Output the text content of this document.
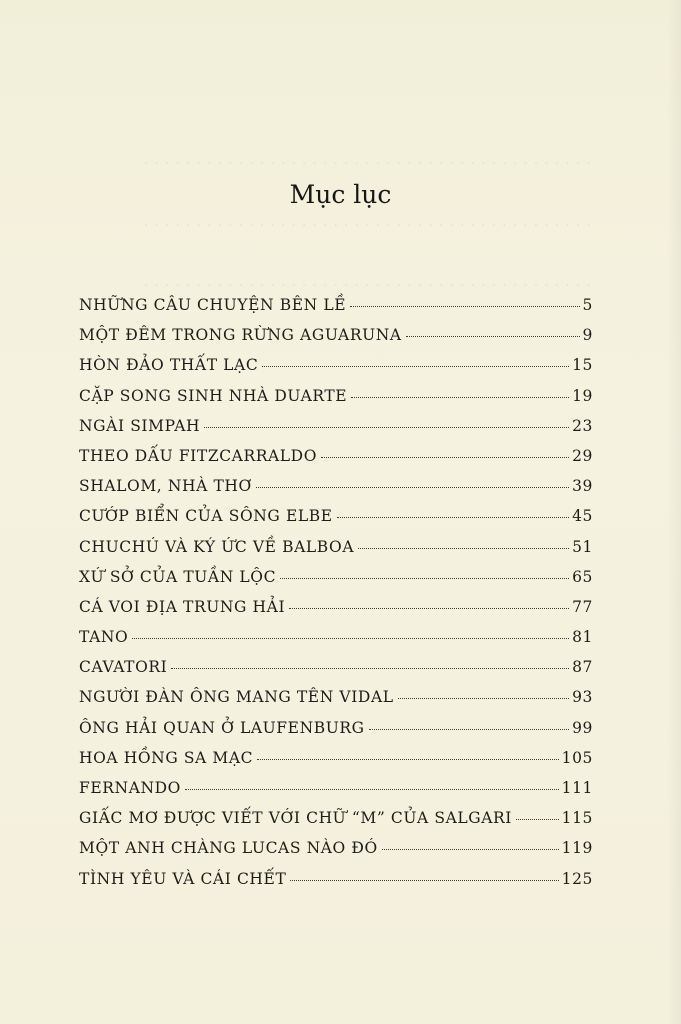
. . . . . . . . . . . . . . . . . . . . . . . . . . . . . . . . . . . . . . . . . . .
. . . . . . . . . . . . . . . . . . . . . . . . . . . . . . . . . . . . . . . . . . .
. . . . . . . . . . . . . . . . . . . . . . . . . . . . . . . . . . . . . . . . . . .
Mục lục
NHỮNG CÂU CHUYỆN BÊN LỀ	5
MỘT ĐÊM TRONG RỪNG AGUARUNA	9
HÒN ĐẢO THẤT LẠC	15
CẶP SONG SINH NHÀ DUARTE	19
NGÀI SIMPAH	23
THEO DẤU FITZCARRALDO	29
SHALOM, NHÀ THƠ	39
CƯỚP BIỂN CỦA SÔNG ELBE	45
CHUCHÚ VÀ KÝ ỨC VỀ BALBOA	51
XỨ SỞ CỦA TUẦN LỘC	65
CÁ VOI ĐỊA TRUNG HẢI	77
TANO	81
CAVATORI	87
NGƯỜI ĐÀN ÔNG MANG TÊN VIDAL	93
ÔNG HẢI QUAN Ở LAUFENBURG	99
HOA HỒNG SA MẠC	105
FERNANDO	111
GIẤC MƠ ĐƯỢC VIẾT VỚI CHỮ “M” CỦA SALGARI	115
MỘT ANH CHÀNG LUCAS NÀO ĐÓ	119
TÌNH YÊU VÀ CÁI CHẾT	125
